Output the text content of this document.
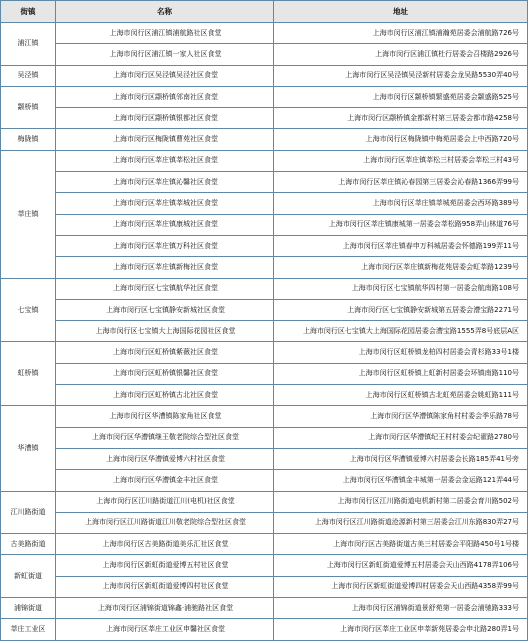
街镇	名称	地址
浦江镇	上海市闵行区浦江镇浦航路社区食堂	上海市闵行区浦江镇浦瀚苑居委会浦航路726号
	上海市闵行区浦江镇一家人社区食堂	上海市闵行区浦江镇杜行居委会召楼路2926号
吴泾镇	上海市闵行区吴泾镇吴泾社区食堂	上海市闵行区吴泾镇吴泾新村居委会龙吴路5530弄40号
颛桥镇	上海市闵行区颛桥镇邻南社区食堂	上海市闵行区颛桥镇繁盛苑居委会颛盛路525号
	上海市闵行区颛桥镇银都社区食堂	上海市闵行区颛桥镇金都新村第三居委会都市路4258号
梅陇镇	上海市闵行区梅陇镇曹苑社区食堂	上海市闵行区梅陇镇中梅苑居委会上中西路720号
莘庄镇	上海市闵行区莘庄镇莘松社区食堂	上海市闵行区莘庄镇莘松三村居委会莘松三村43号
	上海市闵行区莘庄镇沁馨社区食堂	上海市闵行区莘庄镇沁春园第三居委会沁春路1366弄99号
	上海市闵行区莘庄镇莘城社区食堂	上海市闵行区莘庄镇莘城苑居委会西环路389号
	上海市闵行区莘庄镇康城社区食堂	上海市闵行区莘庄镇康城第一居委会莘松路958弄山林道76号
	上海市闵行区莘庄镇万科社区食堂	上海市闵行区莘庄镇春申万科城居委会怀德路199弄11号
	上海市闵行区莘庄镇新梅社区食堂	上海市闵行区莘庄镇新梅花苑居委会虹莘路1239号
七宝镇	上海市闵行区七宝镇航华社区食堂	上海市闵行区七宝镇航华四村第一居委会航南路108号
	上海市闵行区七宝镇静安新城社区食堂	上海市闵行区七宝镇静安新城第五居委会漕宝路2271号
	上海市闵行区七宝镇大上海国际花园社区食堂	上海市闵行区七宝镇大上海国际花园居委会漕宝路1555弄8号底层A区
虹桥镇	上海市闵行区虹桥镇紫薇社区食堂	上海市闵行区虹桥镇龙柏四村居委会青杉路33号1楼
	上海市闵行区虹桥镇银馨社区食堂	上海市闵行区虹桥镇上虹新村居委会环镇南路110号
	上海市闵行区虹桥镇古北社区食堂	上海市闵行区虹桥镇古北虹苑居委会姚虹路111号
华漕镇	上海市闵行区华漕镇陈家角社区食堂	上海市闵行区华漕镇陈家角村村委会季乐路78号
	上海市闵行区华漕镇继王敬老院综合型社区食堂	上海市闵行区华漕镇纪王村村委会纪翟路2780号
	上海市闵行区华漕镇爱博六村社区食堂	上海市闵行区华漕镇爱博六村居委会长路185弄41号旁
	上海市闵行区华漕镇金丰社区食堂	上海市闵行区华漕镇金丰城第一居委会金运路121弄44号
江川路街道	上海市闵行区江川路街道江川(电机)社区食堂	上海市闵行区江川路街道电机新村第二居委会育川路502号
	上海市闵行区江川路街道江川敬老院综合型社区食堂	上海市闵行区江川路街道沧源新村第三居委会江川东路830弄27号
古美路街道	上海市闵行区古美路街道美乐汇社区食堂	上海市闵行区古美路街道古美三村居委会平阳路450号1号楼
新虹街道	上海市闵行区新虹街道爱博五村社区食堂	上海市闵行区新虹街道爱博五村居委会天山西路4178弄106号
	上海市闵行区新虹街道爱博四村社区食堂	上海市闵行区新虹街道爱博四村居委会天山西路4358弄99号
浦锦街道	上海市闵行区浦锦街道锦鑫·浦驰路社区食堂	上海市闵行区浦锦街道景舒苑第一居委会浦驰路333号
莘庄工业区	上海市闵行区莘庄工业区申馨社区食堂	上海市闵行区莘庄工业区申莘新苑居委会申北路280弄1号
